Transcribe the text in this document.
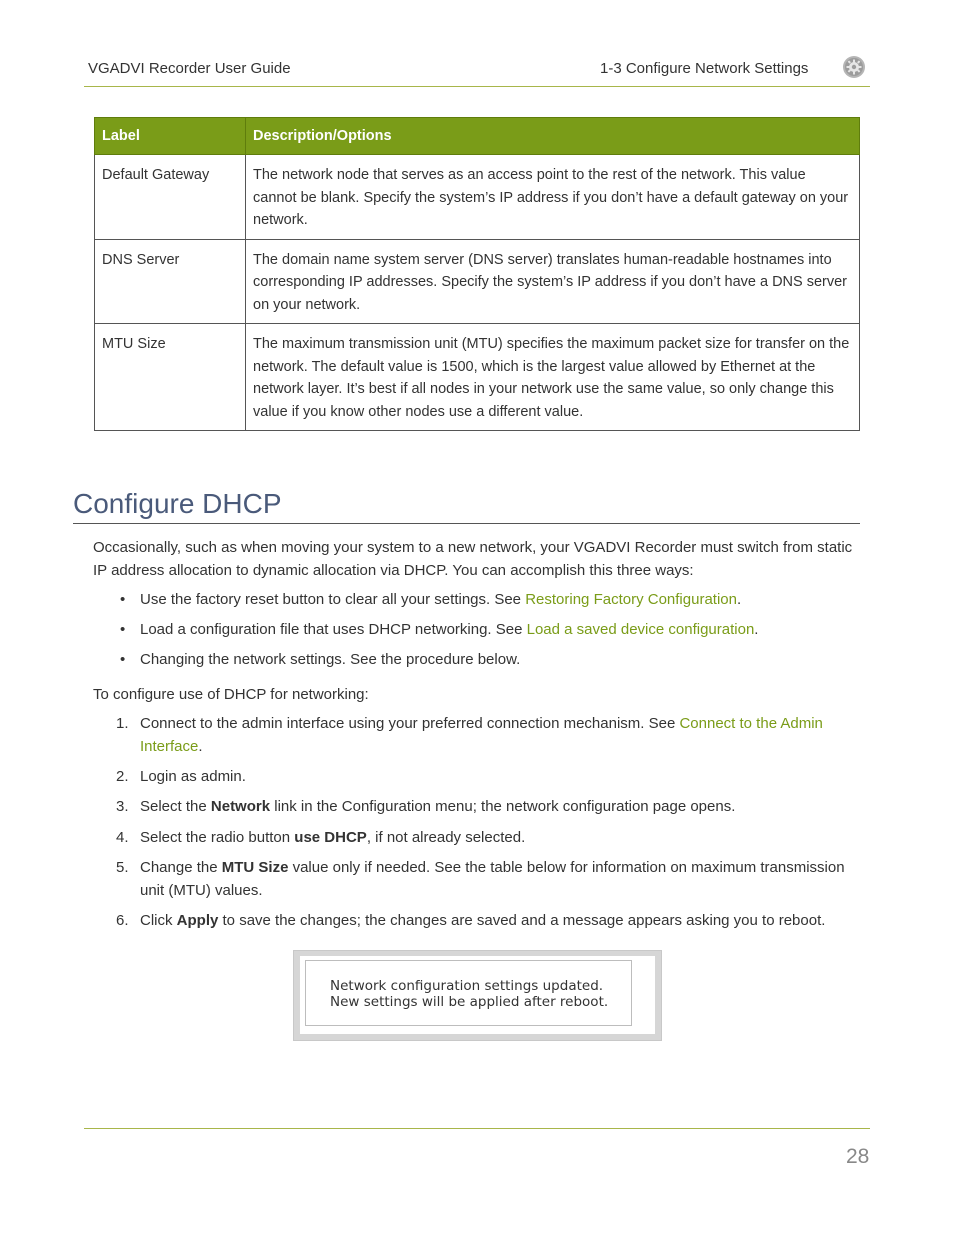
VGADVI Recorder User Guide	1-3 Configure Network Settings
Label	Description/Options
Default Gateway	The network node that serves as an access point to the rest of the network. This value cannot be blank. Specify the system’s IP address if you don’t have a default gateway on your network.
DNS Server	The domain name system server (DNS server) translates human-readable hostnames into corresponding IP addresses. Specify the system’s IP address if you don’t have a DNS server on your network.
MTU Size	The maximum transmission unit (MTU) specifies the maximum packet size for transfer on the network. The default value is 1500, which is the largest value allowed by Ethernet at the network layer. It’s best if all nodes in your network use the same value, so only change this value if you know other nodes use a different value.
Configure DHCP
Occasionally, such as when moving your system to a new network, your VGADVI Recorder must switch from static IP address allocation to dynamic allocation via DHCP. You can accomplish this three ways:
• Use the factory reset button to clear all your settings. See Restoring Factory Configuration.
• Load a configuration file that uses DHCP networking. See Load a saved device configuration.
• Changing the network settings. See the procedure below.
To configure use of DHCP for networking:
1. Connect to the admin interface using your preferred connection mechanism. See Connect to the Admin Interface.
2. Login as admin.
3. Select the Network link in the Configuration menu; the network configuration page opens.
4. Select the radio button use DHCP, if not already selected.
5. Change the MTU Size value only if needed. See the table below for information on maximum transmission unit (MTU) values.
6. Click Apply to save the changes; the changes are saved and a message appears asking you to reboot.
Network configuration settings updated.
New settings will be applied after reboot.
28
